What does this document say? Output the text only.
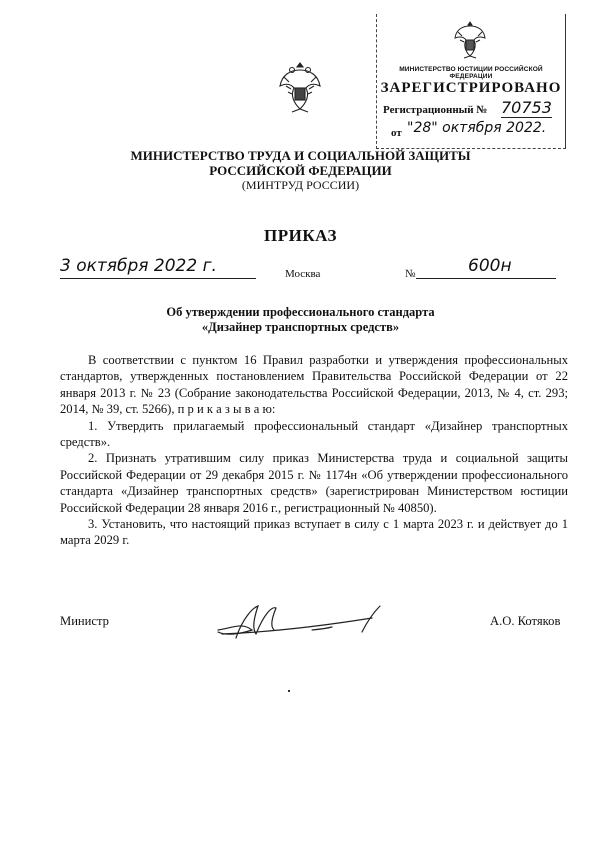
МИНИСТЕРСТВО ЮСТИЦИИ РОССИЙСКОЙ ФЕДЕРАЦИИ
ЗАРЕГИСТРИРОВАНО
Регистрационный № 70753
от "28" октября 2022.
МИНИСТЕРСТВО ТРУДА И СОЦИАЛЬНОЙ ЗАЩИТЫ
РОССИЙСКОЙ ФЕДЕРАЦИИ
(МИНТРУД РОССИИ)
ПРИКАЗ
3 октября 2022 г.	Москва	№	600н
Об утверждении профессионального стандарта
«Дизайнер транспортных средств»

В соответствии с пунктом 16 Правил разработки и утверждения профессиональных стандартов, утвержденных постановлением Правительства Российской Федерации от 22 января 2013 г. № 23 (Собрание законодательства Российской Федерации, 2013, № 4, ст. 293; 2014, № 39, ст. 5266), п р и к а з ы в а ю:

1. Утвердить прилагаемый профессиональный стандарт «Дизайнер транспортных средств».

2. Признать утратившим силу приказ Министерства труда и социальной защиты Российской Федерации от 29 декабря 2015 г. № 1174н «Об утверждении профессионального стандарта «Дизайнер транспортных средств» (зарегистрирован Министерством юстиции Российской Федерации 28 января 2016 г., регистрационный № 40850).

3. Установить, что настоящий приказ вступает в силу с 1 марта 2023 г. и действует до 1 марта 2029 г.

Министр	А.О. Котяков
